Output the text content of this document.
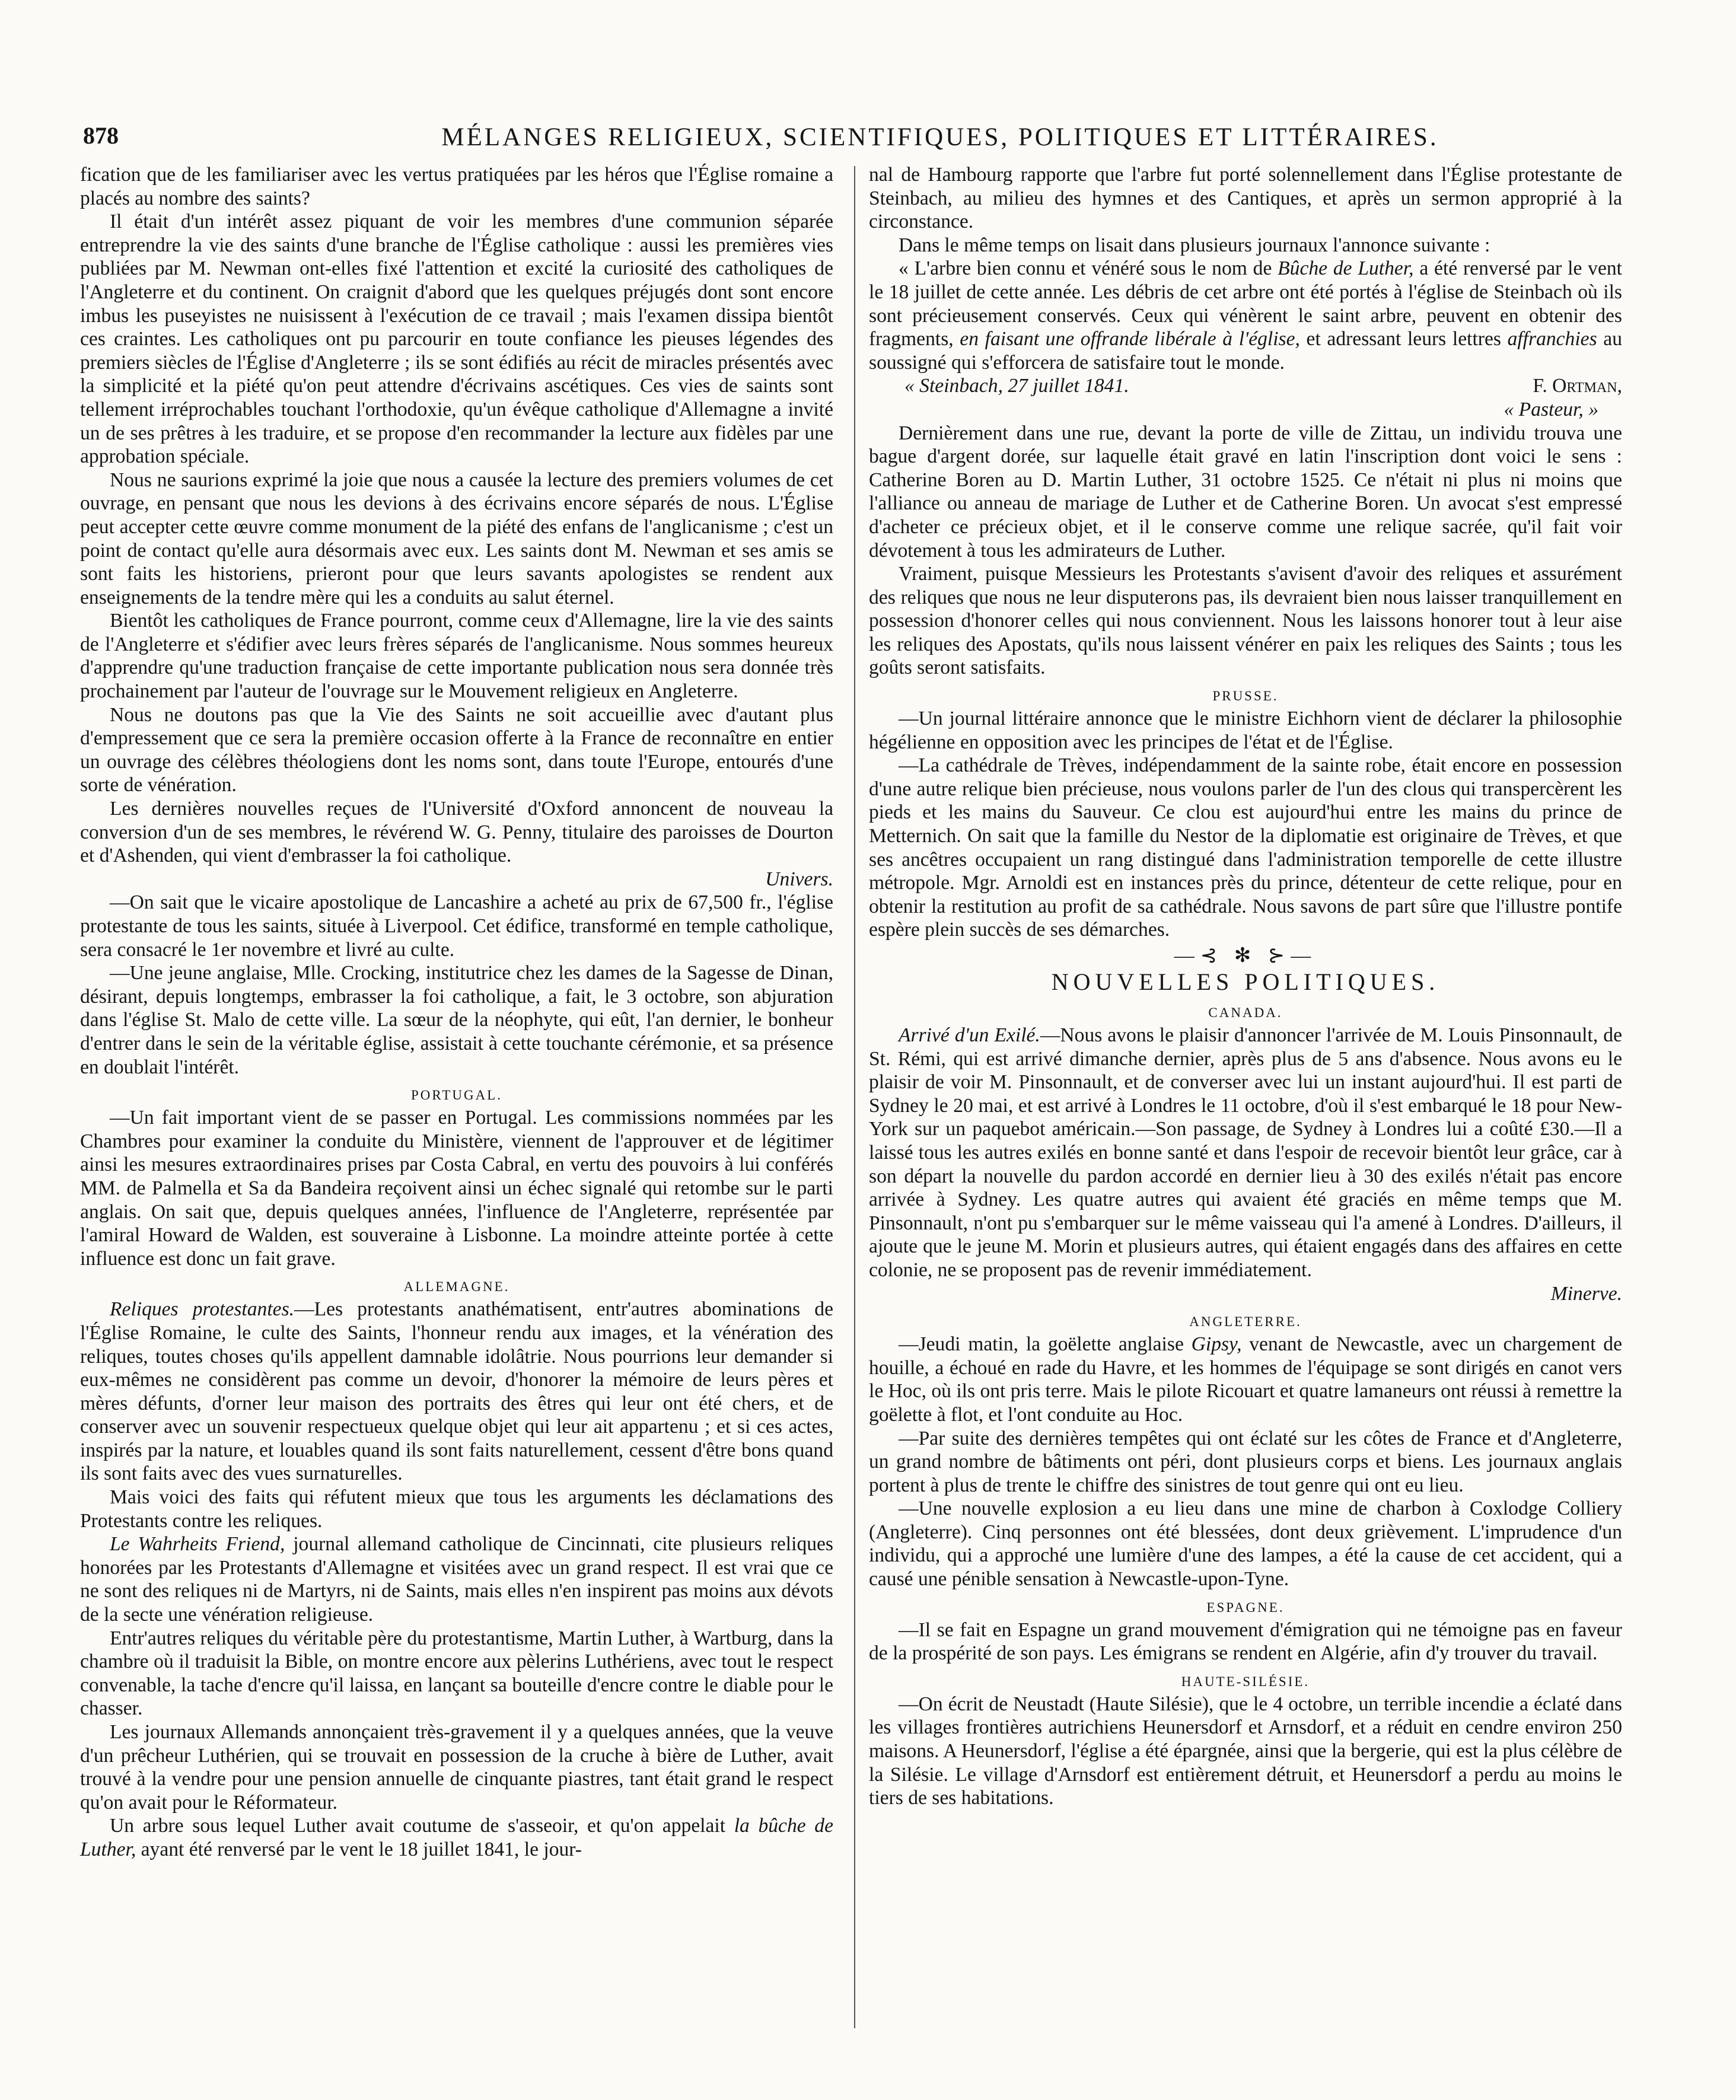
878	MÉLANGES RELIGIEUX, SCIENTIFIQUES, POLITIQUES ET LITTÉRAIRES.

fication que de les familiariser avec les vertus pratiquées par les héros que l'Église romaine a placés au nombre des saints?

Il était d'un intérêt assez piquant de voir les membres d'une communion séparée entreprendre la vie des saints d'une branche de l'Église catholique : aussi les premières vies publiées par M. Newman ont-elles fixé l'attention et excité la curiosité des catholiques de l'Angleterre et du continent. On craignit d'abord que les quelques préjugés dont sont encore imbus les puseyistes ne nuisissent à l'exécution de ce travail ; mais l'examen dissipa bientôt ces craintes. Les catholiques ont pu parcourir en toute confiance les pieuses légendes des premiers siècles de l'Église d'Angleterre ; ils se sont édifiés au récit de miracles présentés avec la simplicité et la piété qu'on peut attendre d'écrivains ascétiques. Ces vies de saints sont tellement irréprochables touchant l'orthodoxie, qu'un évêque catholique d'Allemagne a invité un de ses prêtres à les traduire, et se propose d'en recommander la lecture aux fidèles par une approbation spéciale.

Nous ne saurions exprimé la joie que nous a causée la lecture des premiers volumes de cet ouvrage, en pensant que nous les devions à des écrivains encore séparés de nous. L'Église peut accepter cette œuvre comme monument de la piété des enfans de l'anglicanisme ; c'est un point de contact qu'elle aura désormais avec eux. Les saints dont M. Newman et ses amis se sont faits les historiens, prieront pour que leurs savants apologistes se rendent aux enseignements de la tendre mère qui les a conduits au salut éternel.

Bientôt les catholiques de France pourront, comme ceux d'Allemagne, lire la vie des saints de l'Angleterre et s'édifier avec leurs frères séparés de l'anglicanisme. Nous sommes heureux d'apprendre qu'une traduction française de cette importante publication nous sera donnée très prochainement par l'auteur de l'ouvrage sur le Mouvement religieux en Angleterre.

Nous ne doutons pas que la Vie des Saints ne soit accueillie avec d'autant plus d'empressement que ce sera la première occasion offerte à la France de reconnaître en entier un ouvrage des célèbres théologiens dont les noms sont, dans toute l'Europe, entourés d'une sorte de vénération.

Les dernières nouvelles reçues de l'Université d'Oxford annoncent de nouveau la conversion d'un de ses membres, le révérend W. G. Penny, titulaire des paroisses de Dourton et d'Ashenden, qui vient d'embrasser la foi catholique.

Univers.

—On sait que le vicaire apostolique de Lancashire a acheté au prix de 67,500 fr., l'église protestante de tous les saints, située à Liverpool. Cet édifice, transformé en temple catholique, sera consacré le 1er novembre et livré au culte.

—Une jeune anglaise, Mlle. Crocking, institutrice chez les dames de la Sagesse de Dinan, désirant, depuis longtemps, embrasser la foi catholique, a fait, le 3 octobre, son abjuration dans l'église St. Malo de cette ville. La sœur de la néophyte, qui eût, l'an dernier, le bonheur d'entrer dans le sein de la véritable église, assistait à cette touchante cérémonie, et sa présence en doublait l'intérêt.

PORTUGAL.

—Un fait important vient de se passer en Portugal. Les commissions nommées par les Chambres pour examiner la conduite du Ministère, viennent de l'approuver et de légitimer ainsi les mesures extraordinaires prises par Costa Cabral, en vertu des pouvoirs à lui conférés MM. de Palmella et Sa da Bandeira reçoivent ainsi un échec signalé qui retombe sur le parti anglais. On sait que, depuis quelques années, l'influence de l'Angleterre, représentée par l'amiral Howard de Walden, est souveraine à Lisbonne. La moindre atteinte portée à cette influence est donc un fait grave.

ALLEMAGNE.

Reliques protestantes.—Les protestants anathématisent, entr'autres abominations de l'Église Romaine, le culte des Saints, l'honneur rendu aux images, et la vénération des reliques, toutes choses qu'ils appellent damnable idolâtrie. Nous pourrions leur demander si eux-mêmes ne considèrent pas comme un devoir, d'honorer la mémoire de leurs pères et mères défunts, d'orner leur maison des portraits des êtres qui leur ont été chers, et de conserver avec un souvenir respectueux quelque objet qui leur ait appartenu ; et si ces actes, inspirés par la nature, et louables quand ils sont faits naturellement, cessent d'être bons quand ils sont faits avec des vues surnaturelles.

Mais voici des faits qui réfutent mieux que tous les arguments les déclamations des Protestants contre les reliques.

Le Wahrheits Friend, journal allemand catholique de Cincinnati, cite plusieurs reliques honorées par les Protestants d'Allemagne et visitées avec un grand respect. Il est vrai que ce ne sont des reliques ni de Martyrs, ni de Saints, mais elles n'en inspirent pas moins aux dévots de la secte une vénération religieuse.

Entr'autres reliques du véritable père du protestantisme, Martin Luther, à Wartburg, dans la chambre où il traduisit la Bible, on montre encore aux pèlerins Luthériens, avec tout le respect convenable, la tache d'encre qu'il laissa, en lançant sa bouteille d'encre contre le diable pour le chasser.

Les journaux Allemands annonçaient très-gravement il y a quelques années, que la veuve d'un prêcheur Luthérien, qui se trouvait en possession de la cruche à bière de Luther, avait trouvé à la vendre pour une pension annuelle de cinquante piastres, tant était grand le respect qu'on avait pour le Réformateur.

Un arbre sous lequel Luther avait coutume de s'asseoir, et qu'on appelait la bûche de Luther, ayant été renversé par le vent le 18 juillet 1841, le jour-

nal de Hambourg rapporte que l'arbre fut porté solennellement dans l'Église protestante de Steinbach, au milieu des hymnes et des Cantiques, et après un sermon approprié à la circonstance.

Dans le même temps on lisait dans plusieurs journaux l'annonce suivante :

« L'arbre bien connu et vénéré sous le nom de Bûche de Luther, a été renversé par le vent le 18 juillet de cette année. Les débris de cet arbre ont été portés à l'église de Steinbach où ils sont précieusement conservés. Ceux qui vénèrent le saint arbre, peuvent en obtenir des fragments, en faisant une offrande libérale à l'église, et adressant leurs lettres affranchies au soussigné qui s'efforcera de satisfaire tout le monde.

« Steinbach, 27 juillet 1841.	F. Ortman,

« Pasteur, »

Dernièrement dans une rue, devant la porte de ville de Zittau, un individu trouva une bague d'argent dorée, sur laquelle était gravé en latin l'inscription dont voici le sens : Catherine Boren au D. Martin Luther, 31 octobre 1525. Ce n'était ni plus ni moins que l'alliance ou anneau de mariage de Luther et de Catherine Boren. Un avocat s'est empressé d'acheter ce précieux objet, et il le conserve comme une relique sacrée, qu'il fait voir dévotement à tous les admirateurs de Luther.

Vraiment, puisque Messieurs les Protestants s'avisent d'avoir des reliques et assurément des reliques que nous ne leur disputerons pas, ils devraient bien nous laisser tranquillement en possession d'honorer celles qui nous conviennent. Nous les laissons honorer tout à leur aise les reliques des Apostats, qu'ils nous laissent vénérer en paix les reliques des Saints ; tous les goûts seront satisfaits.

PRUSSE.

—Un journal littéraire annonce que le ministre Eichhorn vient de déclarer la philosophie hégélienne en opposition avec les principes de l'état et de l'Église.

—La cathédrale de Trèves, indépendamment de la sainte robe, était encore en possession d'une autre relique bien précieuse, nous voulons parler de l'un des clous qui transpercèrent les pieds et les mains du Sauveur. Ce clou est aujourd'hui entre les mains du prince de Metternich. On sait que la famille du Nestor de la diplomatie est originaire de Trèves, et que ses ancêtres occupaient un rang distingué dans l'administration temporelle de cette illustre métropole. Mgr. Arnoldi est en instances près du prince, détenteur de cette relique, pour en obtenir la restitution au profit de sa cathédrale. Nous savons de part sûre que l'illustre pontife espère plein succès de ses démarches.

—⊰ ✻ ⊱—
NOUVELLES POLITIQUES.
CANADA.

Arrivé d'un Exilé.—Nous avons le plaisir d'annoncer l'arrivée de M. Louis Pinsonnault, de St. Rémi, qui est arrivé dimanche dernier, après plus de 5 ans d'absence. Nous avons eu le plaisir de voir M. Pinsonnault, et de converser avec lui un instant aujourd'hui. Il est parti de Sydney le 20 mai, et est arrivé à Londres le 11 octobre, d'où il s'est embarqué le 18 pour New-York sur un paquebot américain.—Son passage, de Sydney à Londres lui a coûté £30.—Il a laissé tous les autres exilés en bonne santé et dans l'espoir de recevoir bientôt leur grâce, car à son départ la nouvelle du pardon accordé en dernier lieu à 30 des exilés n'était pas encore arrivée à Sydney. Les quatre autres qui avaient été graciés en même temps que M. Pinsonnault, n'ont pu s'embarquer sur le même vaisseau qui l'a amené à Londres. D'ailleurs, il ajoute que le jeune M. Morin et plusieurs autres, qui étaient engagés dans des affaires en cette colonie, ne se proposent pas de revenir immédiatement.

Minerve.
ANGLETERRE.

—Jeudi matin, la goëlette anglaise Gipsy, venant de Newcastle, avec un chargement de houille, a échoué en rade du Havre, et les hommes de l'équipage se sont dirigés en canot vers le Hoc, où ils ont pris terre. Mais le pilote Ricouart et quatre lamaneurs ont réussi à remettre la goëlette à flot, et l'ont conduite au Hoc.

—Par suite des dernières tempêtes qui ont éclaté sur les côtes de France et d'Angleterre, un grand nombre de bâtiments ont péri, dont plusieurs corps et biens. Les journaux anglais portent à plus de trente le chiffre des sinistres de tout genre qui ont eu lieu.

—Une nouvelle explosion a eu lieu dans une mine de charbon à Coxlodge Colliery (Angleterre). Cinq personnes ont été blessées, dont deux grièvement. L'imprudence d'un individu, qui a approché une lumière d'une des lampes, a été la cause de cet accident, qui a causé une pénible sensation à Newcastle-upon-Tyne.

ESPAGNE.

—Il se fait en Espagne un grand mouvement d'émigration qui ne témoigne pas en faveur de la prospérité de son pays. Les émigrans se rendent en Algérie, afin d'y trouver du travail.

HAUTE-SILÉSIE.

—On écrit de Neustadt (Haute Silésie), que le 4 octobre, un terrible incendie a éclaté dans les villages frontières autrichiens Heunersdorf et Arnsdorf, et a réduit en cendre environ 250 maisons. A Heunersdorf, l'église a été épargnée, ainsi que la bergerie, qui est la plus célèbre de la Silésie. Le village d'Arnsdorf est entièrement détruit, et Heunersdorf a perdu au moins le tiers de ses habitations.
